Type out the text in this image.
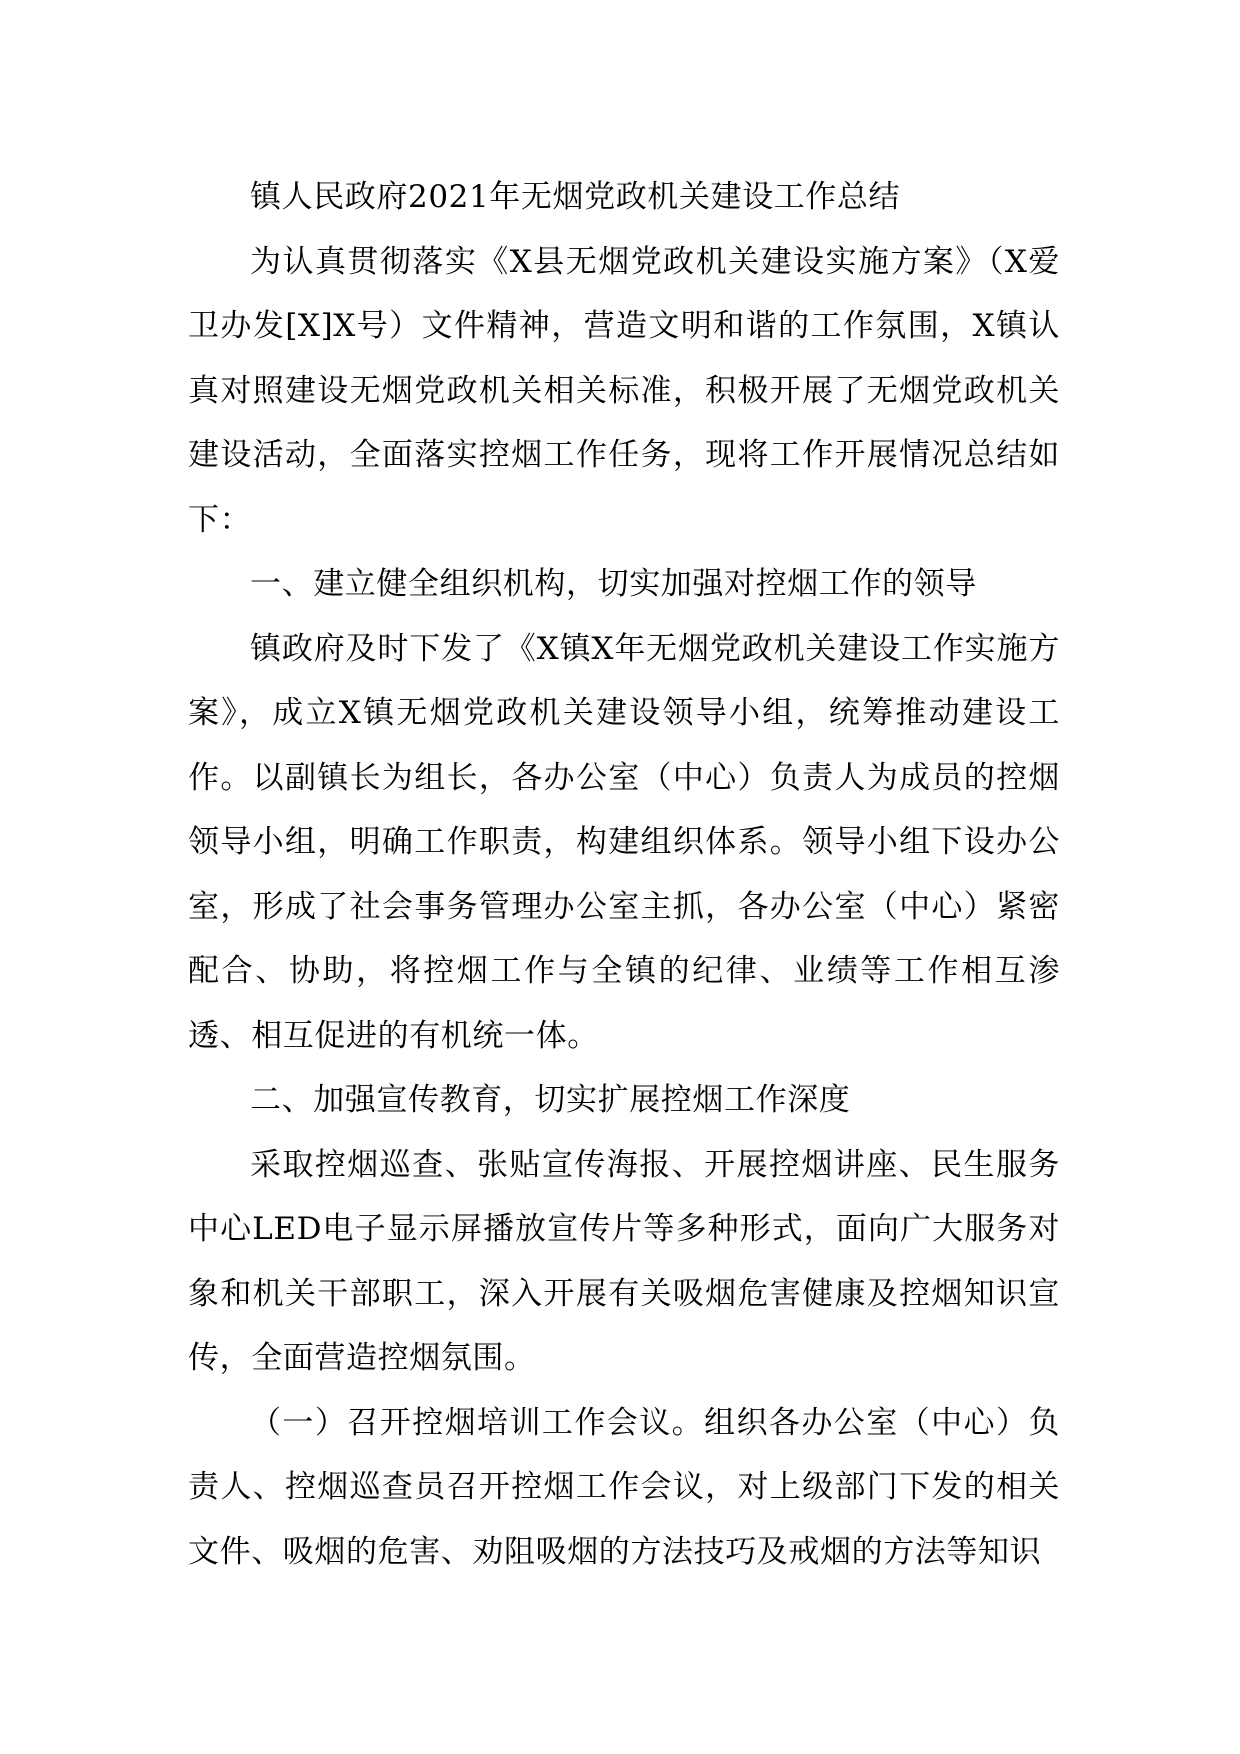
镇人民政府2021年无烟党政机关建设工作总结

为认真贯彻落实《X县无烟党政机关建设实施方案》（X爱卫办发[X]X号）文件精神，营造文明和谐的工作氛围，X镇认真对照建设无烟党政机关相关标准，积极开展了无烟党政机关建设活动，全面落实控烟工作任务，现将工作开展情况总结如下：

一、建立健全组织机构，切实加强对控烟工作的领导

镇政府及时下发了《X镇X年无烟党政机关建设工作实施方案》，成立X镇无烟党政机关建设领导小组，统筹推动建设工作。以副镇长为组长，各办公室（中心）负责人为成员的控烟领导小组，明确工作职责，构建组织体系。领导小组下设办公室，形成了社会事务管理办公室主抓，各办公室（中心）紧密配合、协助，将控烟工作与全镇的纪律、业绩等工作相互渗透、相互促进的有机统一体。

二、加强宣传教育，切实扩展控烟工作深度

采取控烟巡查、张贴宣传海报、开展控烟讲座、民生服务中心LED电子显示屏播放宣传片等多种形式，面向广大服务对象和机关干部职工，深入开展有关吸烟危害健康及控烟知识宣传，全面营造控烟氛围。

（一）召开控烟培训工作会议。组织各办公室（中心）负责人、控烟巡查员召开控烟工作会议，对上级部门下发的相关文件、吸烟的危害、劝阻吸烟的方法技巧及戒烟的方法等知识
